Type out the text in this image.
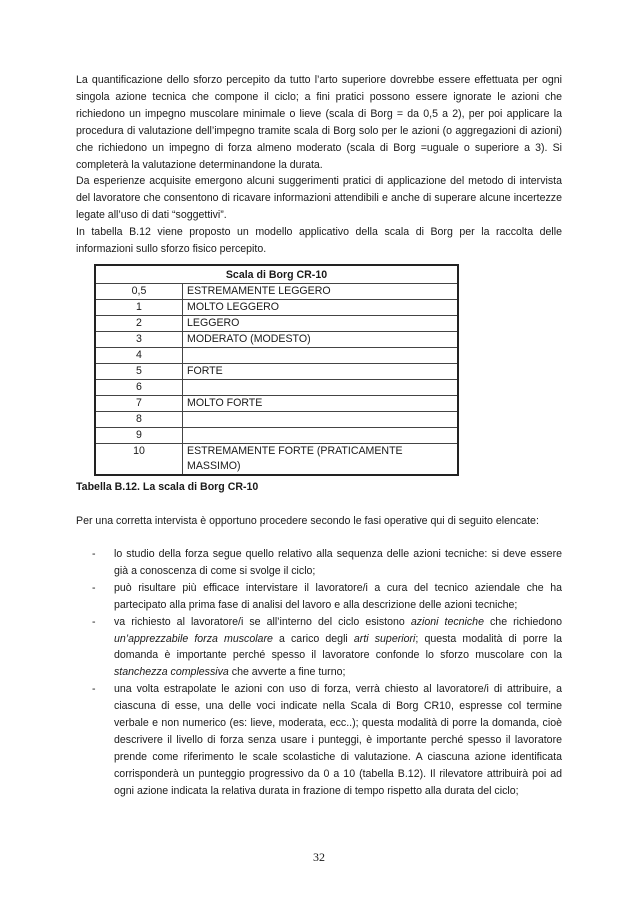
La quantificazione dello sforzo percepito da tutto l’arto superiore dovrebbe essere effettuata per ogni singola azione tecnica che compone il ciclo; a fini pratici possono essere ignorate le azioni che richiedono un impegno muscolare minimale o lieve (scala di Borg = da 0,5 a 2), per poi applicare la procedura di valutazione dell’impegno tramite scala di Borg solo per le azioni (o aggregazioni di azioni) che richiedono un impegno di forza almeno moderato (scala di Borg =uguale o superiore a 3). Si completerà la valutazione determinandone la durata.

Da esperienze acquisite emergono alcuni suggerimenti pratici di applicazione del metodo di intervista del lavoratore che consentono di ricavare informazioni attendibili e anche di superare alcune incertezze legate all’uso di dati “soggettivi”.

In tabella B.12 viene proposto un modello applicativo della scala di Borg per la raccolta delle informazioni sullo sforzo fisico percepito.

Scala di Borg CR-10	
0,5	ESTREMAMENTE LEGGERO
1	MOLTO LEGGERO
2	LEGGERO
3	MODERATO (MODESTO)
4	
5	FORTE
6	
7	MOLTO FORTE
8	
9	
10	ESTREMAMENTE FORTE (PRATICAMENTE MASSIMO)

Tabella B.12. La scala di Borg CR-10

Per una corretta intervista è opportuno procedere secondo le fasi operative qui di seguito elencate:

- lo studio della forza segue quello relativo alla sequenza delle azioni tecniche: si deve essere già a conoscenza di come si svolge il ciclo;
- può risultare più efficace intervistare il lavoratore/i a cura del tecnico aziendale che ha partecipato alla prima fase di analisi del lavoro e alla descrizione delle azioni tecniche;
- va richiesto al lavoratore/i se all’interno del ciclo esistono azioni tecniche che richiedono un’apprezzabile forza muscolare a carico degli arti superiori; questa modalità di porre la domanda è importante perché spesso il lavoratore confonde lo sforzo muscolare con la stanchezza complessiva che avverte a fine turno;
- una volta estrapolate le azioni con uso di forza, verrà chiesto al lavoratore/i di attribuire, a ciascuna di esse, una delle voci indicate nella Scala di Borg CR10, espresse col termine verbale e non numerico (es: lieve, moderata, ecc..); questa modalità di porre la domanda, cioè descrivere il livello di forza senza usare i punteggi, è importante perché spesso il lavoratore prende come riferimento le scale scolastiche di valutazione. A ciascuna azione identificata corrisponderà un punteggio progressivo da 0 a 10 (tabella B.12). Il rilevatore attribuirà poi ad ogni azione indicata la relativa durata in frazione di tempo rispetto alla durata del ciclo;

32
